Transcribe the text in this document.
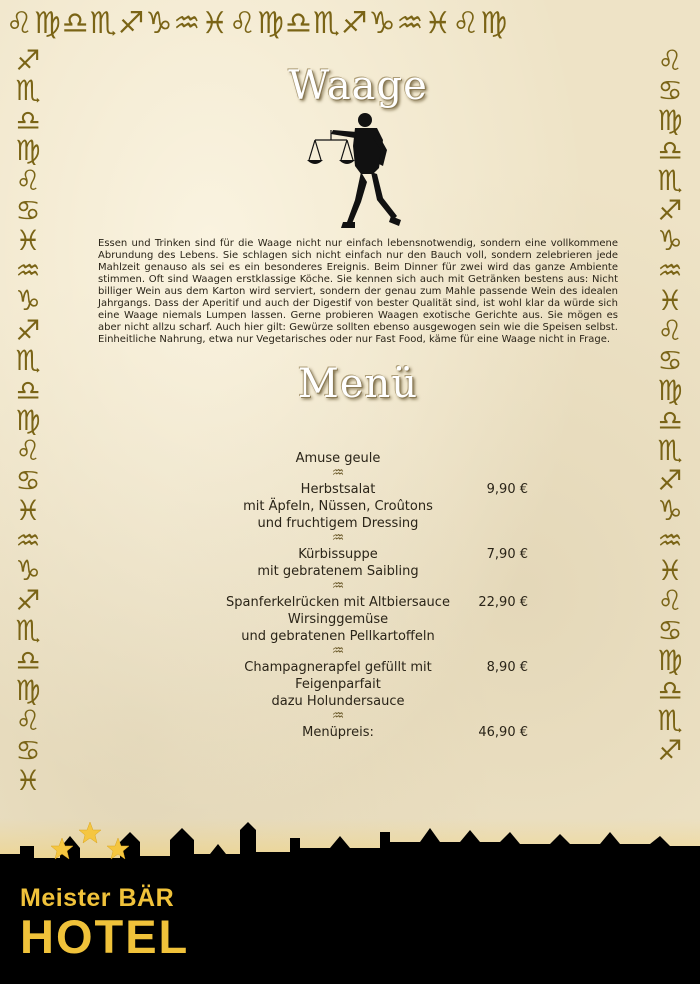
♌♍♎♏♐♑♒♓♌♍♎♏♐♑♒♓♌♍
♐♏♎♍♌♋♓♒♑♐♏♎♍♌♋♓♒♑♐♏♎♍♌♋♓
♌♋♍♎♏♐♑♒♓♌♋♍♎♏♐♑♒♓♌♋♍♎♏♐
Waage

Essen und Trinken sind für die Waage nicht nur einfach lebensnotwendig, sondern eine vollkommene Abrundung des Lebens. Sie schlagen sich nicht einfach nur den Bauch voll, sondern zelebrieren jede Mahlzeit genauso als sei es ein besonderes Ereignis. Beim Dinner für zwei wird das ganze Ambiente stimmen. Oft sind Waagen erstklassige Köche. Sie kennen sich auch mit Getränken bestens aus: Nicht billiger Wein aus dem Karton wird serviert, sondern der genau zum Mahle passende Wein des idealen Jahrgangs. Dass der Aperitif und auch der Digestif von bester Qualität sind, ist wohl klar da würde sich eine Waage niemals Lumpen lassen. Gerne probieren Waagen exotische Gerichte aus. Sie mögen es aber nicht allzu scharf. Auch hier gilt: Gewürze sollten ebenso ausgewogen sein wie die Speisen selbst. Einheitliche Nahrung, etwa nur Vegetarisches oder nur Fast Food, käme für eine Waage nicht in Frage.

Menü
Amuse geule
♒
Herbstsalat
mit Äpfeln, Nüssen, Croûtons
und fruchtigem Dressing
9,90 €
♒
Kürbissuppe
mit gebratenem Saibling
7,90 €
♒
Spanferkelrücken mit Altbiersauce
Wirsinggemüse
und gebratenen Pellkartoffeln
22,90 €
♒
Champagnerapfel gefüllt mit
Feigenparfait
dazu Holundersauce
8,90 €
♒
Menüpreis:	46,90 €
Meister BÄR
HOTEL
